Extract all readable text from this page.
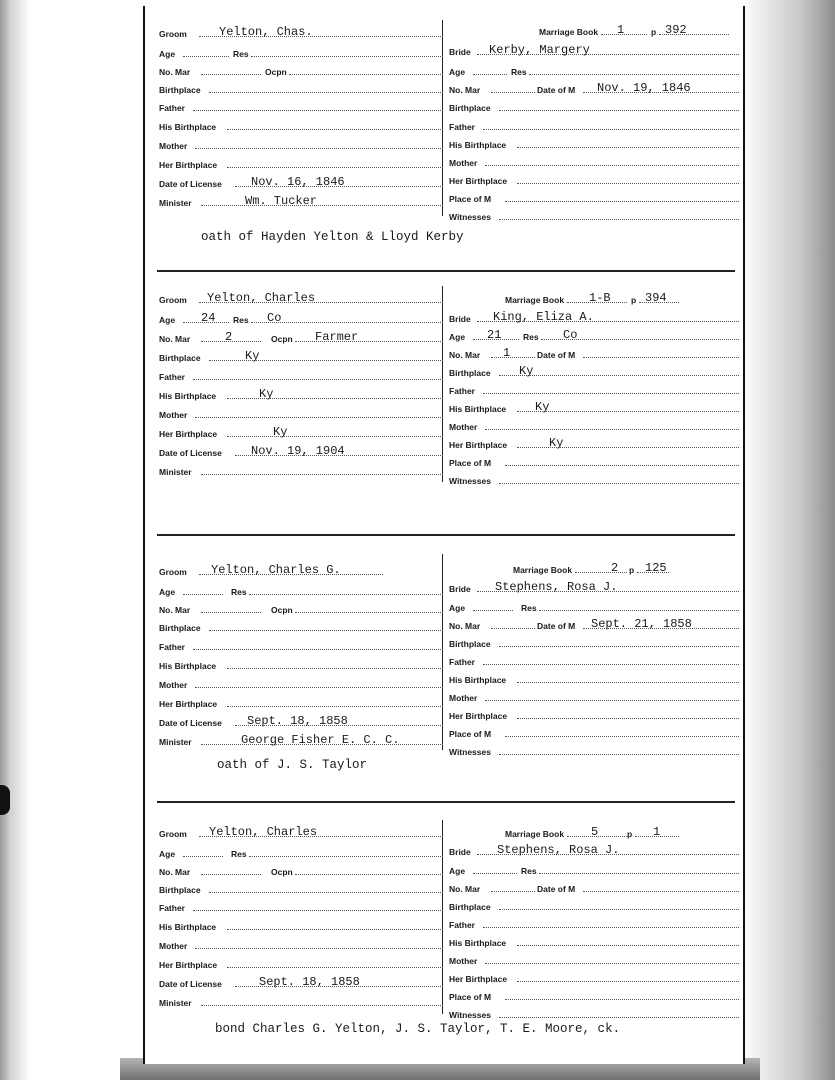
Groom	Yelton, Chas.
Age	Res
No. Mar	Ocpn
Birthplace
Father
His Birthplace
Mother
Her Birthplace
Date of License Nov. 16, 1846
Minister	Wm. Tucker
Marriage Book 1	p 392
Bride Kerby, Margery
Age	Res
No. Mar	Date of M Nov. 19, 1846
Birthplace
Father
His Birthplace
Mother
Her Birthplace
Place of M
Witnesses
oath of Hayden Yelton & Lloyd Kerby
Groom Yelton, Charles
Age 24 Res Co
No. Mar	2	Ocpn Farmer
Birthplace	Ky
Father
His Birthplace	Ky
Mother
Her Birthplace	Ky
Date of License Nov. 19, 1904
Minister
Marriage Book 1-B p 394
Bride King, Eliza A.
Age 21	Res Co
No. Mar 1	Date of M
Birthplace Ky
Father
His Birthplace Ky
Mother
Her Birthplace	Ky
Place of M
Witnesses
Groom Yelton, Charles G.
Age	Res
No. Mar	Ocpn
Birthplace
Father
His Birthplace
Mother
Her Birthplace
Date of License Sept. 18, 1858
Minister	George Fisher E. C. C.
Marriage Book	2 p 125
Bride Stephens, Rosa J.
Age	Res
No. Mar	Date of M Sept. 21, 1858
Birthplace
Father
His Birthplace
Mother
Her Birthplace
Place of M
Witnesses
oath of J. S. Taylor
Groom Yelton, Charles
Age	Res
No. Mar	Ocpn
Birthplace
Father
His Birthplace
Mother
Her Birthplace
Date of License	Sept. 18, 1858
Minister
Marriage Book 5	p 1
Bride Stephens, Rosa J.
Age	Res
No. Mar	Date of M
Birthplace
Father
His Birthplace
Mother
Her Birthplace
Place of M
Witnesses
bond Charles G. Yelton, J. S. Taylor, T. E. Moore, ck.
